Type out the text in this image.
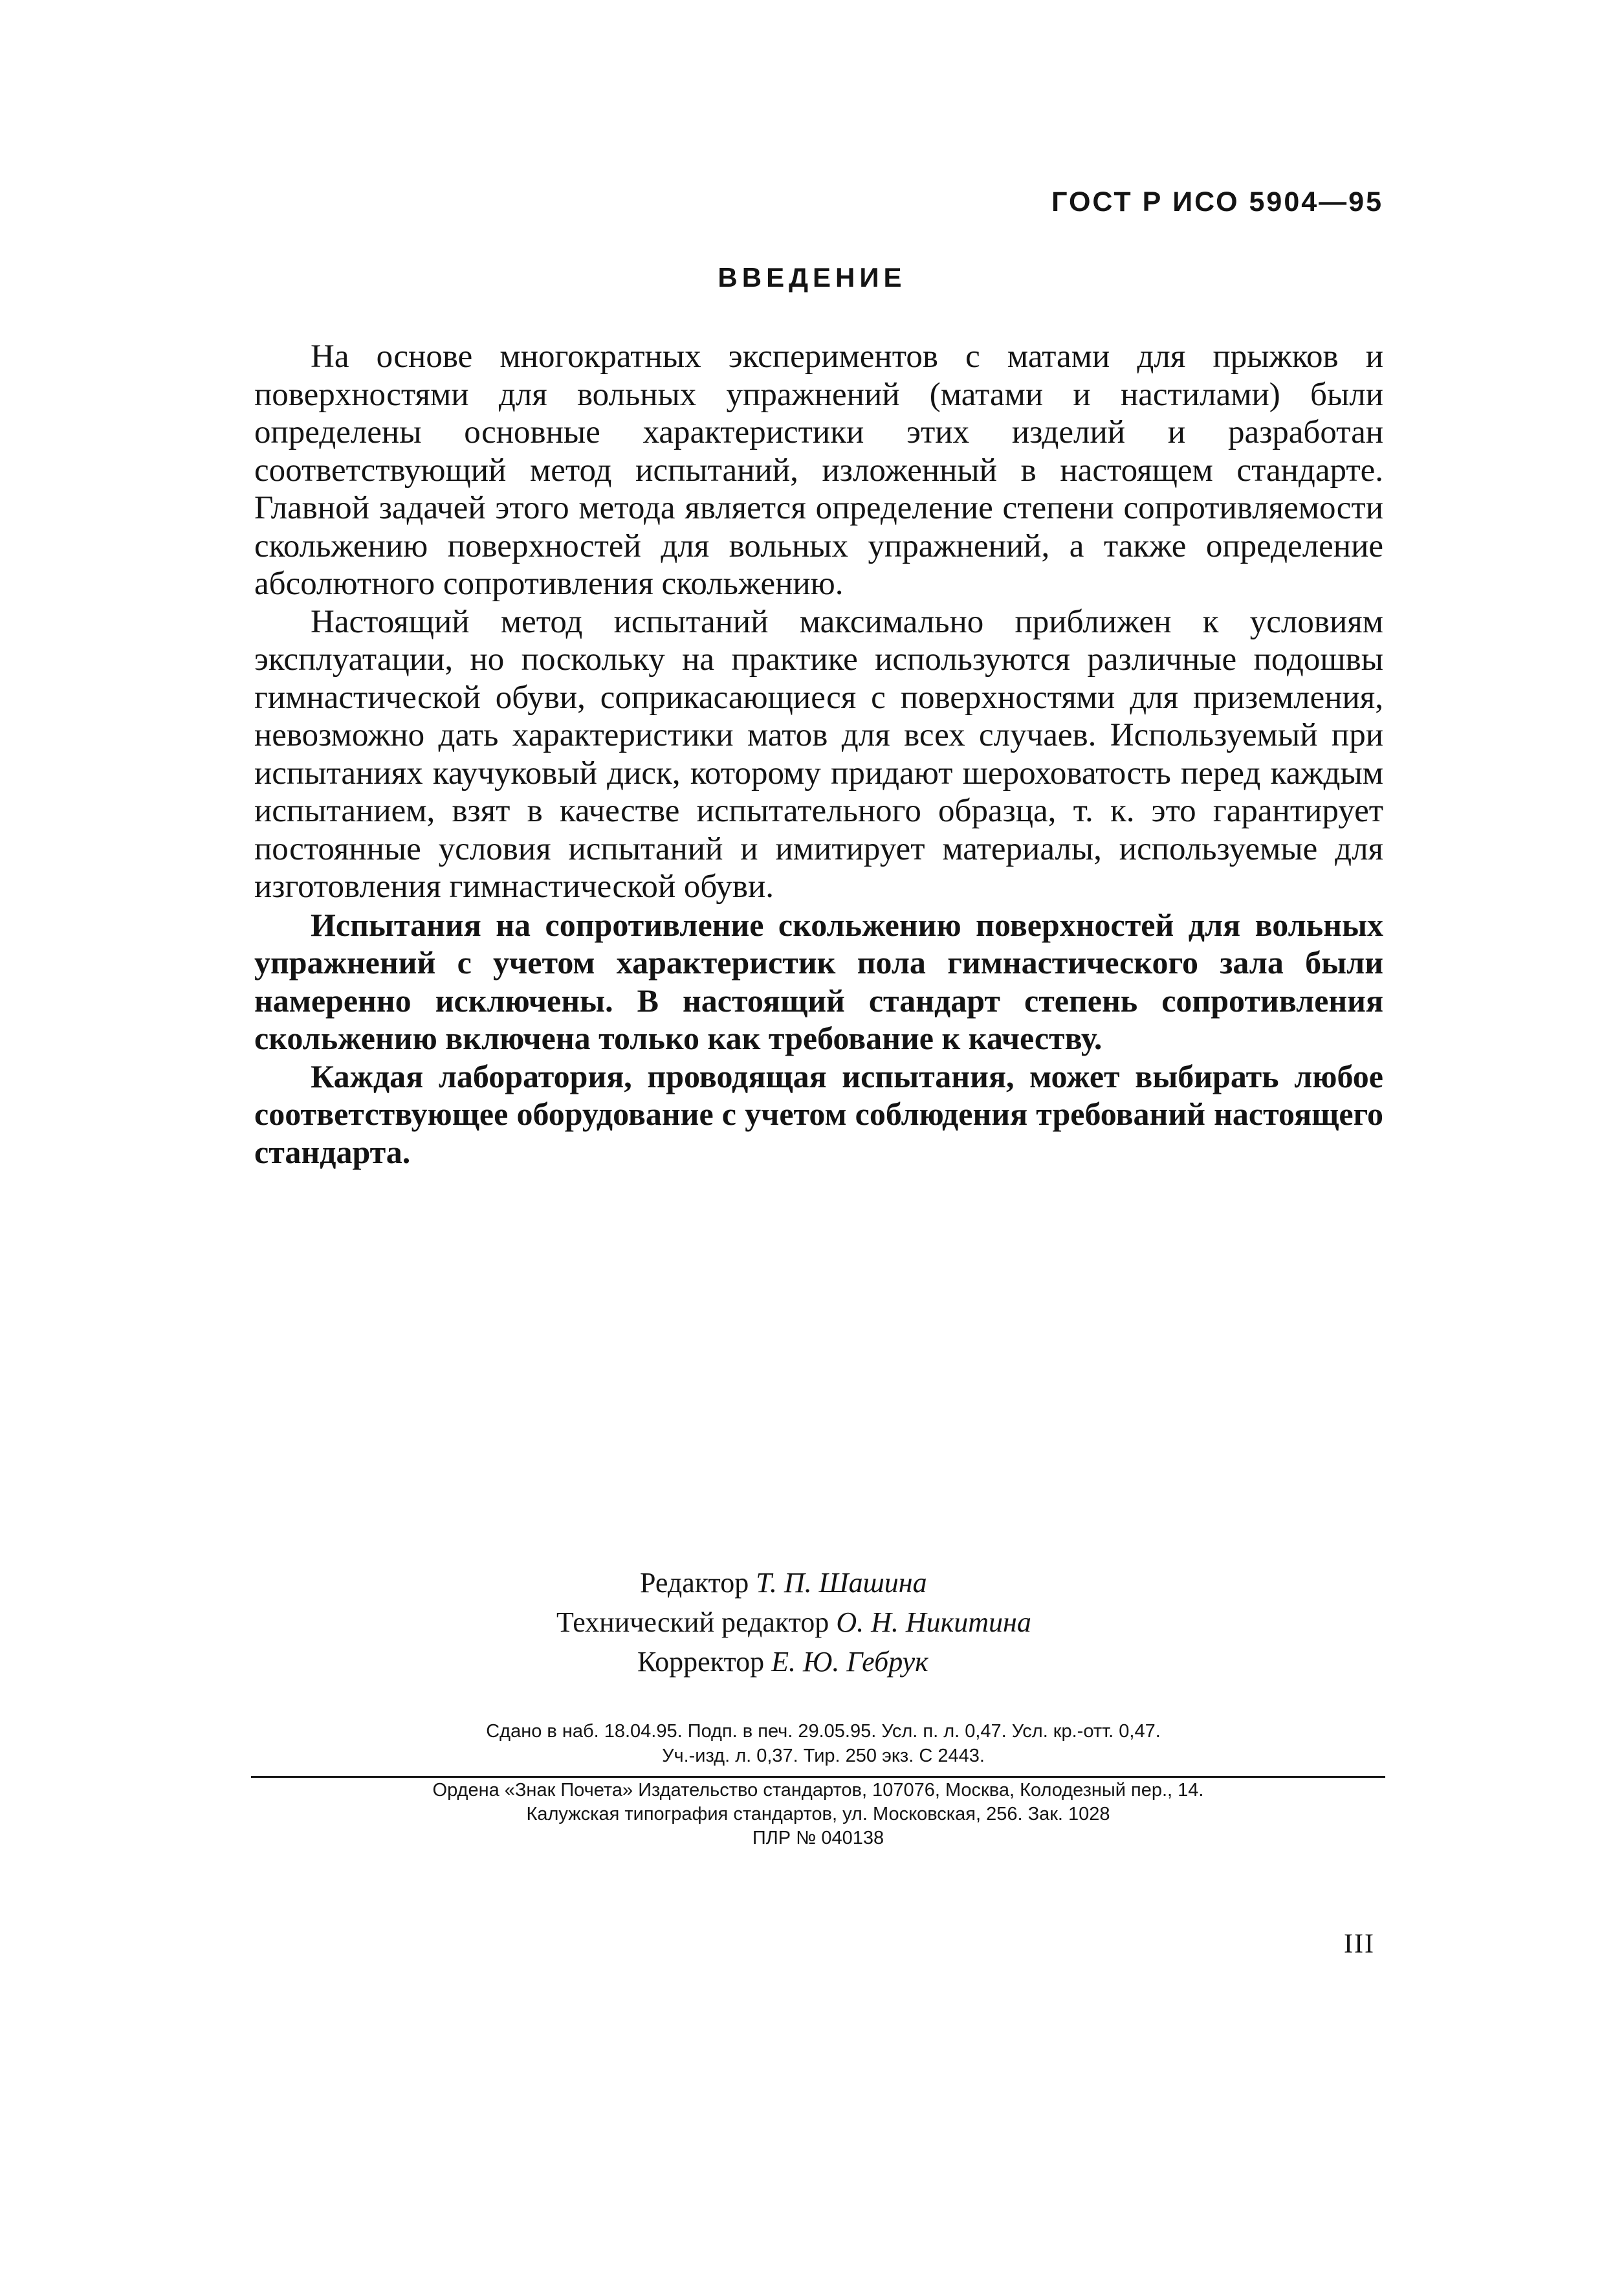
ГОСТ Р ИСО 5904—95
ВВЕДЕНИЕ

На основе многократных экспериментов с матами для прыжков и поверхностями для вольных упражнений (матами и настилами) были определены основные характеристики этих изделий и разработан соответствующий метод испытаний, изложенный в настоящем стандарте. Главной задачей этого метода является определение степени сопротивляемости скольжению поверхностей для вольных упражнений, а также определение абсолютного сопротивления скольжению.

Настоящий метод испытаний максимально приближен к условиям эксплуатации, но поскольку на практике используются различные подошвы гимнастической обуви, соприкасающиеся с поверхностями для приземления, невозможно дать характеристики матов для всех случаев. Используемый при испытаниях каучуковый диск, которому придают шероховатость перед каждым испытанием, взят в качестве испытательного образца, т. к. это гарантирует постоянные условия испытаний и имитирует материалы, используемые для изготовления гимнастической обуви.

Испытания на сопротивление скольжению поверхностей для вольных упражнений с учетом характеристик пола гимнастического зала были намеренно исключены. В настоящий стандарт степень сопротивления скольжению включена только как требование к качеству.

Каждая лаборатория, проводящая испытания, может выбирать любое соответствующее оборудование с учетом соблюдения требований настоящего стандарта.

Редактор Т. П. Шашина
Технический редактор О. Н. Никитина
Корректор Е. Ю. Гебрук
Сдано в наб. 18.04.95. Подп. в печ. 29.05.95. Усл. п. л. 0,47. Усл. кр.-отт. 0,47.
Уч.-изд. л. 0,37. Тир. 250 экз. С 2443.
Ордена «Знак Почета» Издательство стандартов, 107076, Москва, Колодезный пер., 14.
Калужская типография стандартов, ул. Московская, 256. Зак. 1028
ПЛР № 040138
III
